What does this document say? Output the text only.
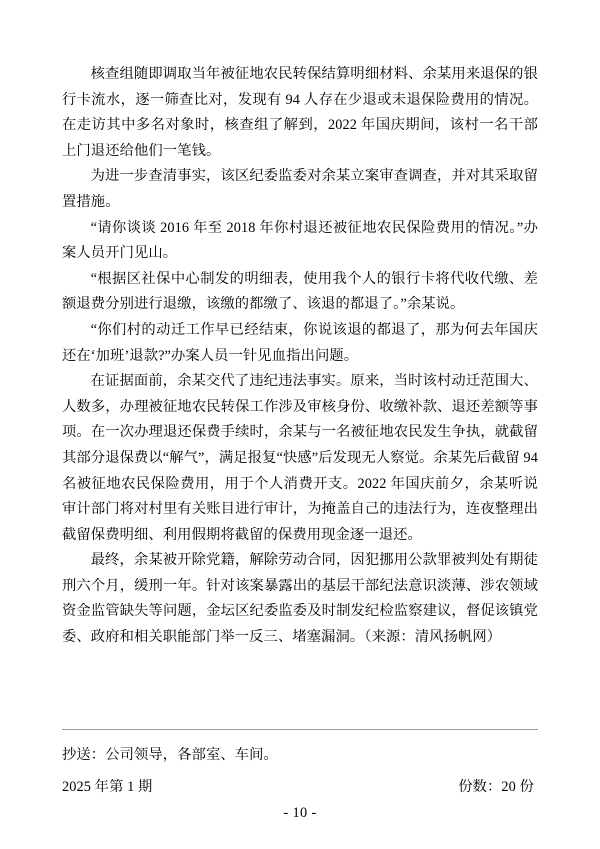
核查组随即调取当年被征地农民转保结算明细材料、余某用来退保的银行卡流水，逐一筛查比对，发现有 94 人存在少退或未退保险费用的情况。在走访其中多名对象时，核查组了解到，2022 年国庆期间，该村一名干部上门退还给他们一笔钱。

为进一步查清事实，该区纪委监委对余某立案审查调查，并对其采取留置措施。

“请你谈谈 2016 年至 2018 年你村退还被征地农民保险费用的情况。”办案人员开门见山。

“根据区社保中心制发的明细表，使用我个人的银行卡将代收代缴、差额退费分别进行退缴，该缴的都缴了、该退的都退了。”余某说。

“你们村的动迁工作早已经结束，你说该退的都退了，那为何去年国庆还在‘加班’退款?”办案人员一针见血指出问题。

在证据面前，余某交代了违纪违法事实。原来，当时该村动迁范围大、人数多，办理被征地农民转保工作涉及审核身份、收缴补款、退还差额等事项。在一次办理退还保费手续时，余某与一名被征地农民发生争执，就截留其部分退保费以“解气”，满足报复“快感”后发现无人察觉。余某先后截留 94 名被征地农民保险费用，用于个人消费开支。2022 年国庆前夕，余某听说审计部门将对村里有关账目进行审计，为掩盖自己的违法行为，连夜整理出截留保费明细、利用假期将截留的保费用现金逐一退还。

最终，余某被开除党籍，解除劳动合同，因犯挪用公款罪被判处有期徒刑六个月，缓刑一年。针对该案暴露出的基层干部纪法意识淡薄、涉农领域资金监管缺失等问题，金坛区纪委监委及时制发纪检监察建议，督促该镇党委、政府和相关职能部门举一反三、堵塞漏洞。（来源：清风扬帆网）

抄送：公司领导，各部室、车间。
2025 年第 1 期	份数：20 份
- 10 -
